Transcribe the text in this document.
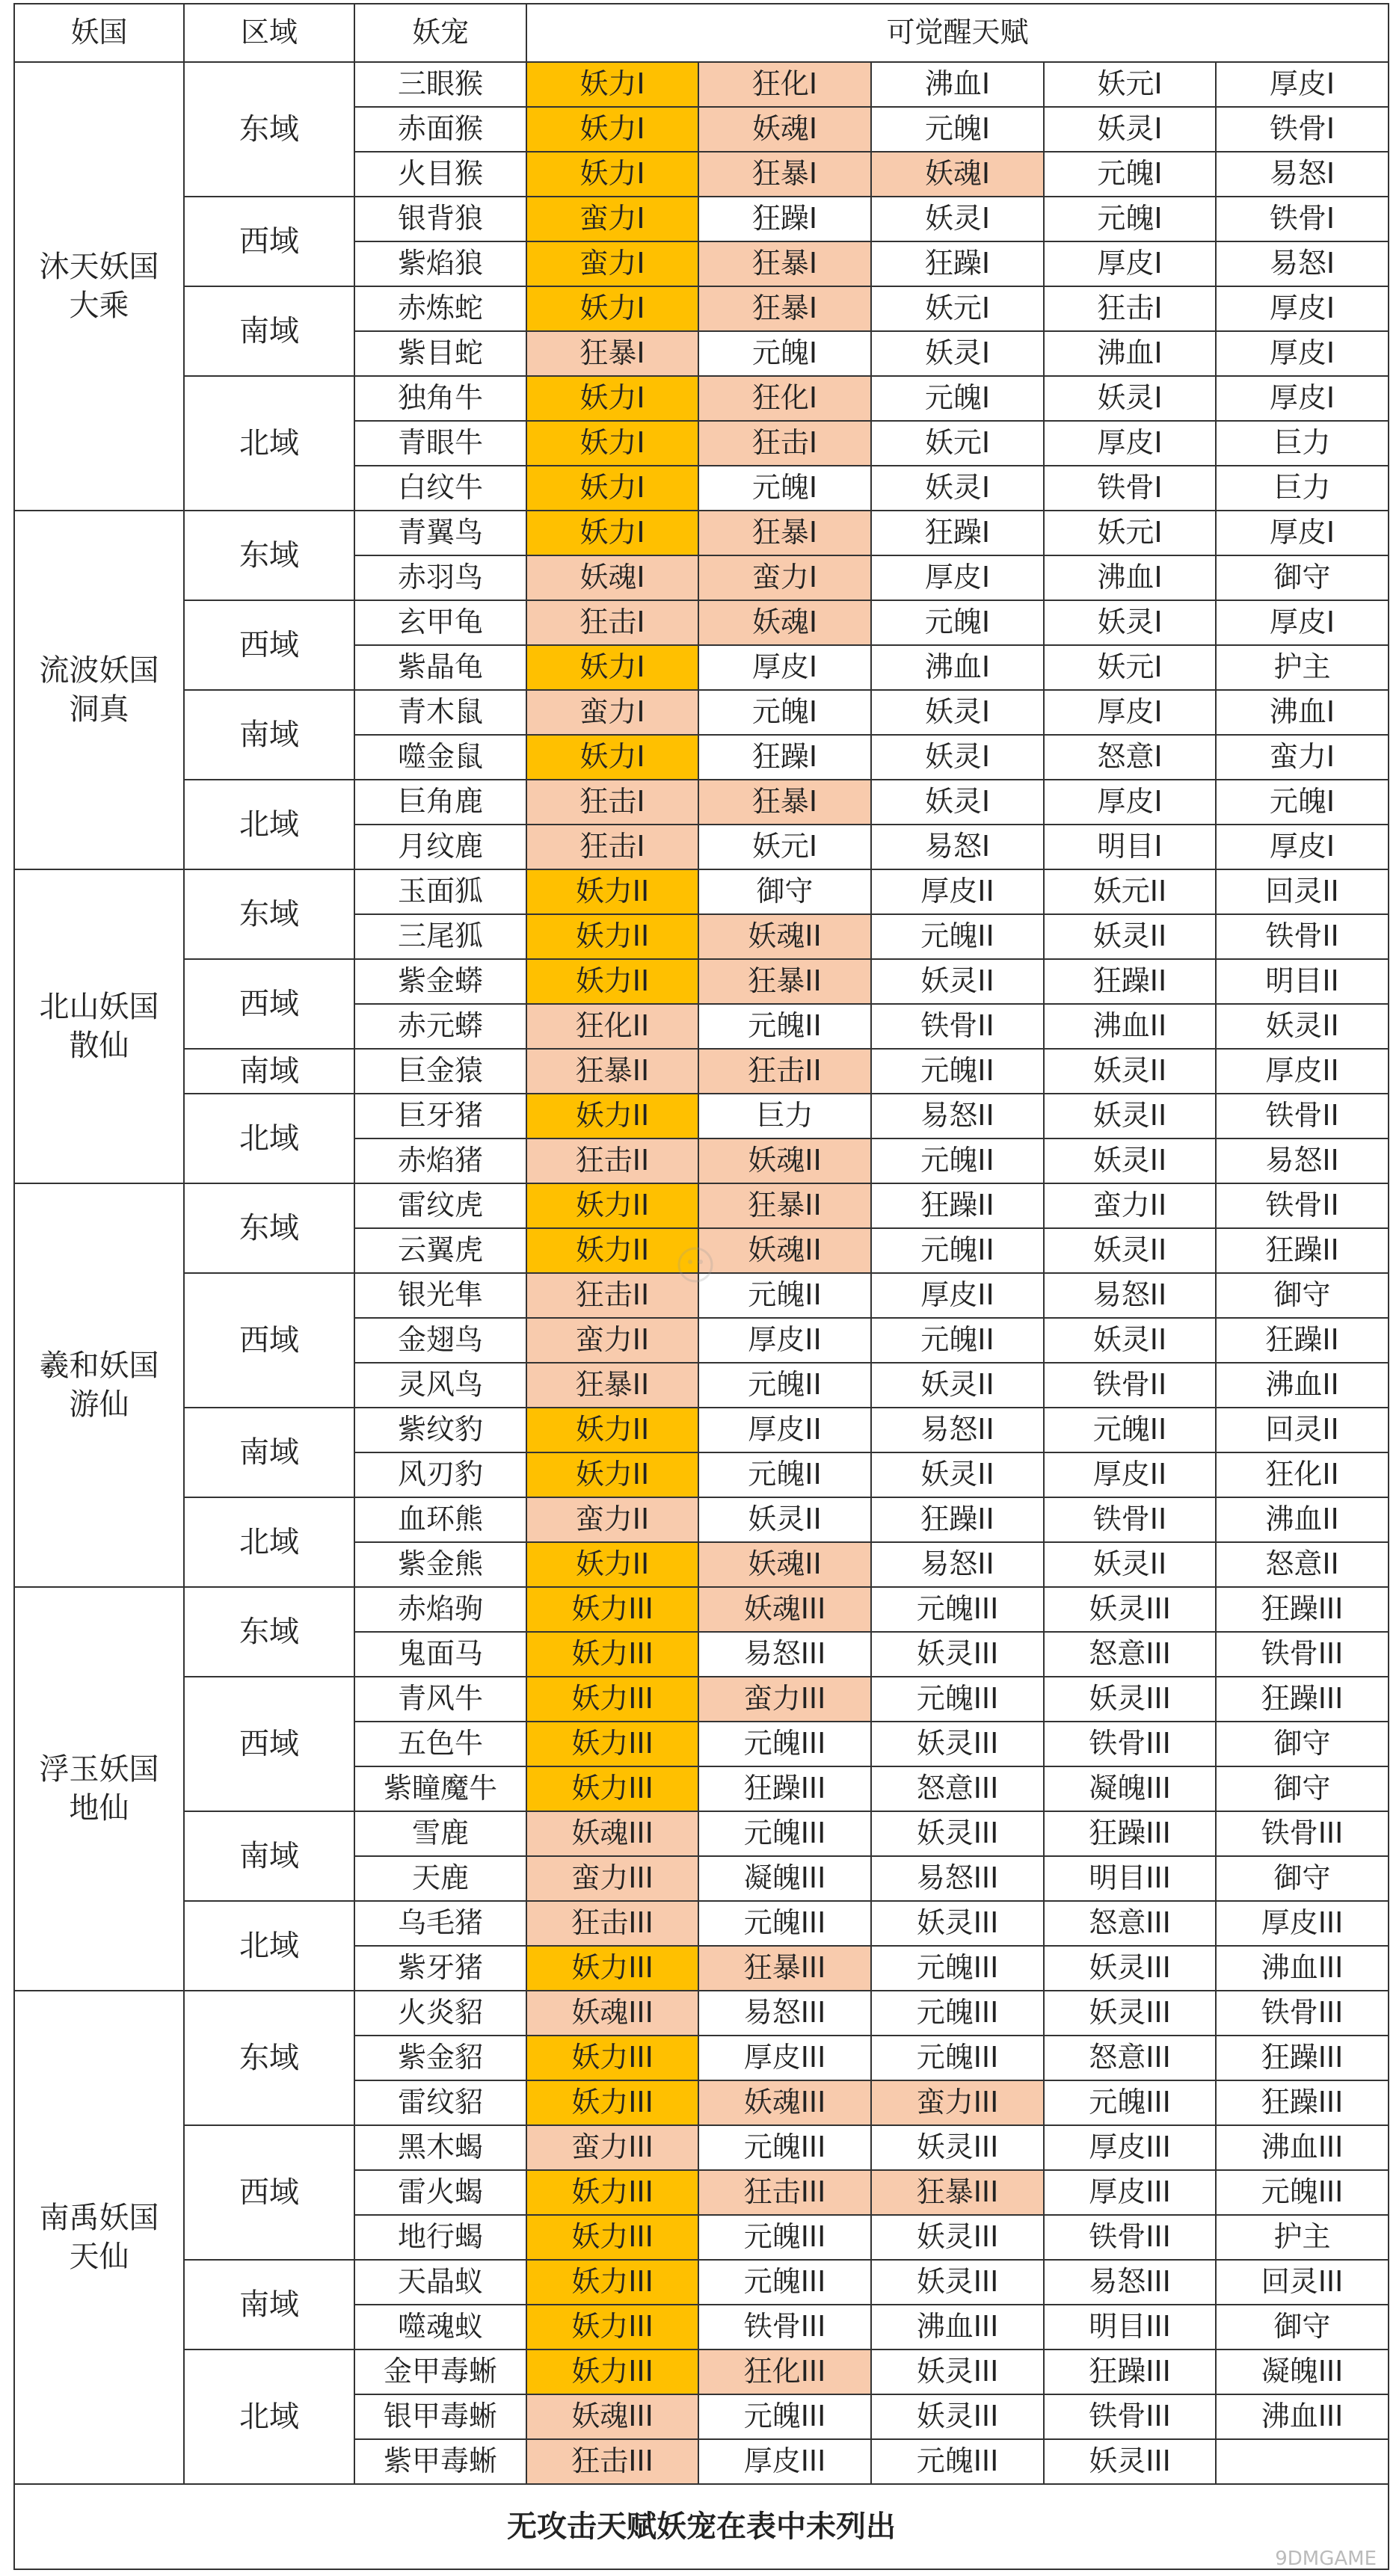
妖国	区域	妖宠	可觉醒天赋				

沐天妖国
大乘	东域	三眼猴	妖力I	狂化I	沸血I	妖元I	厚皮I
		赤面猴	妖力I	妖魂I	元魄I	妖灵I	铁骨I
		火目猴	妖力I	狂暴I	妖魂I	元魄I	易怒I
	西域	银背狼	蛮力I	狂躁I	妖灵I	元魄I	铁骨I
		紫焰狼	蛮力I	狂暴I	狂躁I	厚皮I	易怒I
	南域	赤炼蛇	妖力I	狂暴I	妖元I	狂击I	厚皮I
		紫目蛇	狂暴I	元魄I	妖灵I	沸血I	厚皮I
	北域	独角牛	妖力I	狂化I	元魄I	妖灵I	厚皮I
		青眼牛	妖力I	狂击I	妖元I	厚皮I	巨力
		白纹牛	妖力I	元魄I	妖灵I	铁骨I	巨力

流波妖国
洞真	东域	青翼鸟	妖力I	狂暴I	狂躁I	妖元I	厚皮I
		赤羽鸟	妖魂I	蛮力I	厚皮I	沸血I	御守
	西域	玄甲龟	狂击I	妖魂I	元魄I	妖灵I	厚皮I
		紫晶龟	妖力I	厚皮I	沸血I	妖元I	护主
	南域	青木鼠	蛮力I	元魄I	妖灵I	厚皮I	沸血I
		噬金鼠	妖力I	狂躁I	妖灵I	怒意I	蛮力I
	北域	巨角鹿	狂击I	狂暴I	妖灵I	厚皮I	元魄I
		月纹鹿	狂击I	妖元I	易怒I	明目I	厚皮I

北山妖国
散仙	东域	玉面狐	妖力II	御守	厚皮II	妖元II	回灵II
		三尾狐	妖力II	妖魂II	元魄II	妖灵II	铁骨II
	西域	紫金蟒	妖力II	狂暴II	妖灵II	狂躁II	明目II
		赤元蟒	狂化II	元魄II	铁骨II	沸血II	妖灵II
	南域	巨金猿	狂暴II	狂击II	元魄II	妖灵II	厚皮II
	北域	巨牙猪	妖力II	巨力	易怒II	妖灵II	铁骨II
		赤焰猪	狂击II	妖魂II	元魄II	妖灵II	易怒II

羲和妖国
游仙	东域	雷纹虎	妖力II	狂暴II	狂躁II	蛮力II	铁骨II
		云翼虎	妖力II	妖魂II	元魄II	妖灵II	狂躁II
	西域	银光隼	狂击II	元魄II	厚皮II	易怒II	御守
		金翅鸟	蛮力II	厚皮II	元魄II	妖灵II	狂躁II
		灵风鸟	狂暴II	元魄II	妖灵II	铁骨II	沸血II
	南域	紫纹豹	妖力II	厚皮II	易怒II	元魄II	回灵II
		风刃豹	妖力II	元魄II	妖灵II	厚皮II	狂化II
	北域	血环熊	蛮力II	妖灵II	狂躁II	铁骨II	沸血II
		紫金熊	妖力II	妖魂II	易怒II	妖灵II	怒意II

浮玉妖国
地仙	东域	赤焰驹	妖力III	妖魂III	元魄III	妖灵III	狂躁III
		鬼面马	妖力III	易怒III	妖灵III	怒意III	铁骨III
	西域	青风牛	妖力III	蛮力III	元魄III	妖灵III	狂躁III
		五色牛	妖力III	元魄III	妖灵III	铁骨III	御守
		紫瞳魔牛	妖力III	狂躁III	怒意III	凝魄III	御守
	南域	雪鹿	妖魂III	元魄III	妖灵III	狂躁III	铁骨III
		天鹿	蛮力III	凝魄III	易怒III	明目III	御守
	北域	乌毛猪	狂击III	元魄III	妖灵III	怒意III	厚皮III
		紫牙猪	妖力III	狂暴III	元魄III	妖灵III	沸血III

南禹妖国
天仙	东域	火炎貂	妖魂III	易怒III	元魄III	妖灵III	铁骨III
		紫金貂	妖力III	厚皮III	元魄III	怒意III	狂躁III
		雷纹貂	妖力III	妖魂III	蛮力III	元魄III	狂躁III
	西域	黑木蝎	蛮力III	元魄III	妖灵III	厚皮III	沸血III
		雷火蝎	妖力III	狂击III	狂暴III	厚皮III	元魄III
		地行蝎	妖力III	元魄III	妖灵III	铁骨III	护主
	南域	天晶蚁	妖力III	元魄III	妖灵III	易怒III	回灵III
		噬魂蚁	妖力III	铁骨III	沸血III	明目III	御守
	北域	金甲毒蜥	妖力III	狂化III	妖灵III	狂躁III	凝魄III
		银甲毒蜥	妖魂III	元魄III	妖灵III	铁骨III	沸血III
		紫甲毒蜥	狂击III	厚皮III	元魄III	妖灵III	
无攻击天赋妖宠在表中未列出							
9DMGAME
